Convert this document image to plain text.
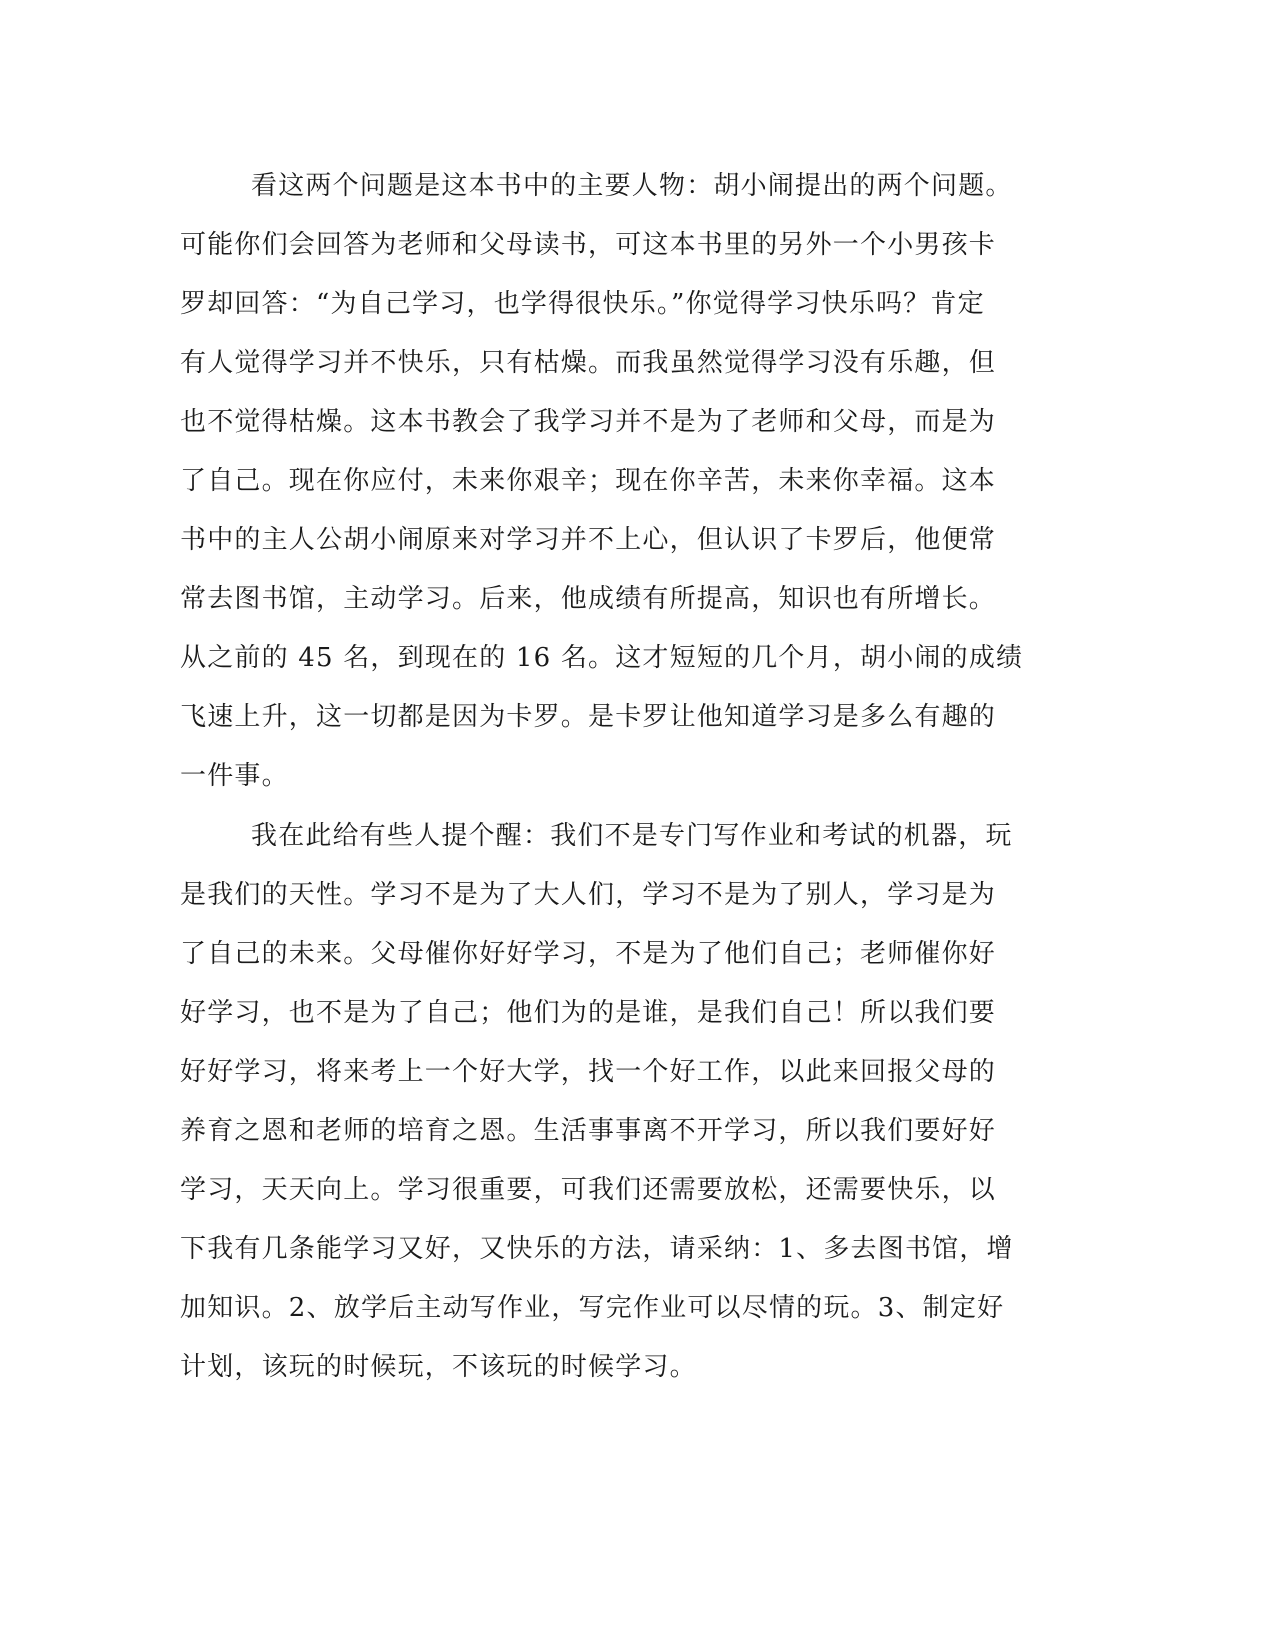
看这两个问题是这本书中的主要人物：胡小闹提出的两个问题。
可能你们会回答为老师和父母读书，可这本书里的另外一个小男孩卡
罗却回答：“为自己学习，也学得很快乐。”你觉得学习快乐吗？肯定
有人觉得学习并不快乐，只有枯燥。而我虽然觉得学习没有乐趣，但
也不觉得枯燥。这本书教会了我学习并不是为了老师和父母，而是为
了自己。现在你应付，未来你艰辛；现在你辛苦，未来你幸福。这本
书中的主人公胡小闹原来对学习并不上心，但认识了卡罗后，他便常
常去图书馆，主动学习。后来，他成绩有所提高，知识也有所增长。
从之前的 45 名，到现在的 16 名。这才短短的几个月，胡小闹的成绩
飞速上升，这一切都是因为卡罗。是卡罗让他知道学习是多么有趣的
一件事。
我在此给有些人提个醒：我们不是专门写作业和考试的机器，玩
是我们的天性。学习不是为了大人们，学习不是为了别人，学习是为
了自己的未来。父母催你好好学习，不是为了他们自己；老师催你好
好学习，也不是为了自己；他们为的是谁，是我们自己！所以我们要
好好学习，将来考上一个好大学，找一个好工作，以此来回报父母的
养育之恩和老师的培育之恩。生活事事离不开学习，所以我们要好好
学习，天天向上。学习很重要，可我们还需要放松，还需要快乐，以
下我有几条能学习又好，又快乐的方法，请采纳：1、多去图书馆，增
加知识。2、放学后主动写作业，写完作业可以尽情的玩。3、制定好
计划，该玩的时候玩，不该玩的时候学习。
